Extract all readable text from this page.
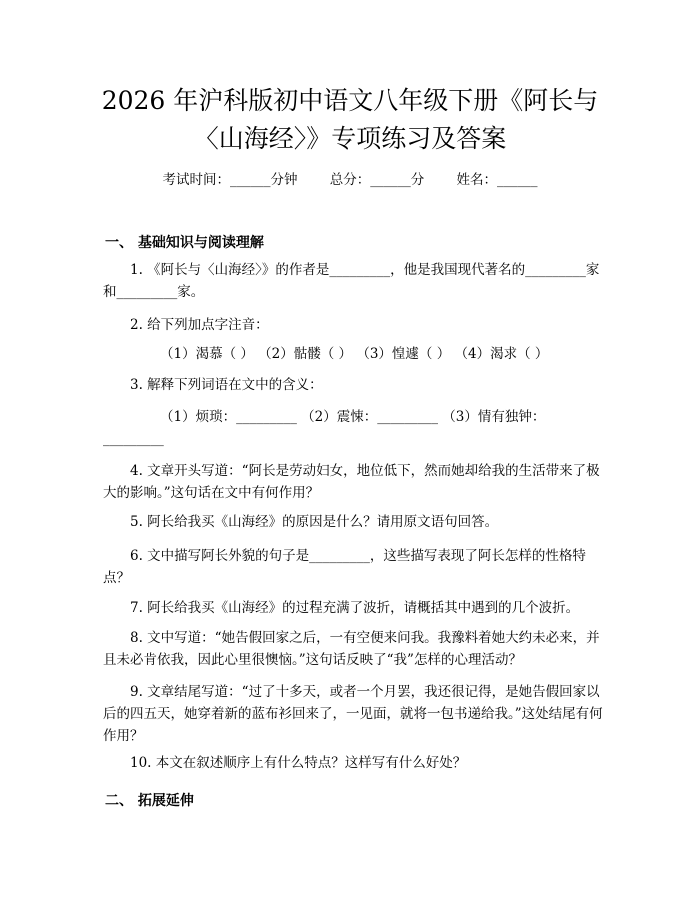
2026 年沪科版初中语文八年级下册《阿长与
〈山海经〉》专项练习及答案
考试时间：______分钟 总分：______分 姓名：______
一、 基础知识与阅读理解
1. 《阿长与〈山海经〉》的作者是_________，他是我国现代著名的_________家和_________家。
2. 给下列加点字注音：
（1）渴慕（ ） （2）骷髅（ ） （3）惶遽（ ） （4）渴求（ ）
3. 解释下列词语在文中的含义：
（1）烦琐：_________ （2）震悚：_________ （3）情有独钟：
_________
4. 文章开头写道：“阿长是劳动妇女，地位低下，然而她却给我的生活带来了极大的影响。”这句话在文中有何作用？
5. 阿长给我买《山海经》的原因是什么？请用原文语句回答。
6. 文中描写阿长外貌的句子是_________，这些描写表现了阿长怎样的性格特点？
7. 阿长给我买《山海经》的过程充满了波折，请概括其中遇到的几个波折。
8. 文中写道：“她告假回家之后，一有空便来问我。我豫料着她大约未必来，并且未必肯依我，因此心里很懊恼。”这句话反映了“我”怎样的心理活动？
9. 文章结尾写道：“过了十多天，或者一个月罢，我还很记得，是她告假回家以后的四五天，她穿着新的蓝布衫回来了，一见面，就将一包书递给我。”这处结尾有何作用？
10. 本文在叙述顺序上有什么特点？这样写有什么好处？
二、 拓展延伸
